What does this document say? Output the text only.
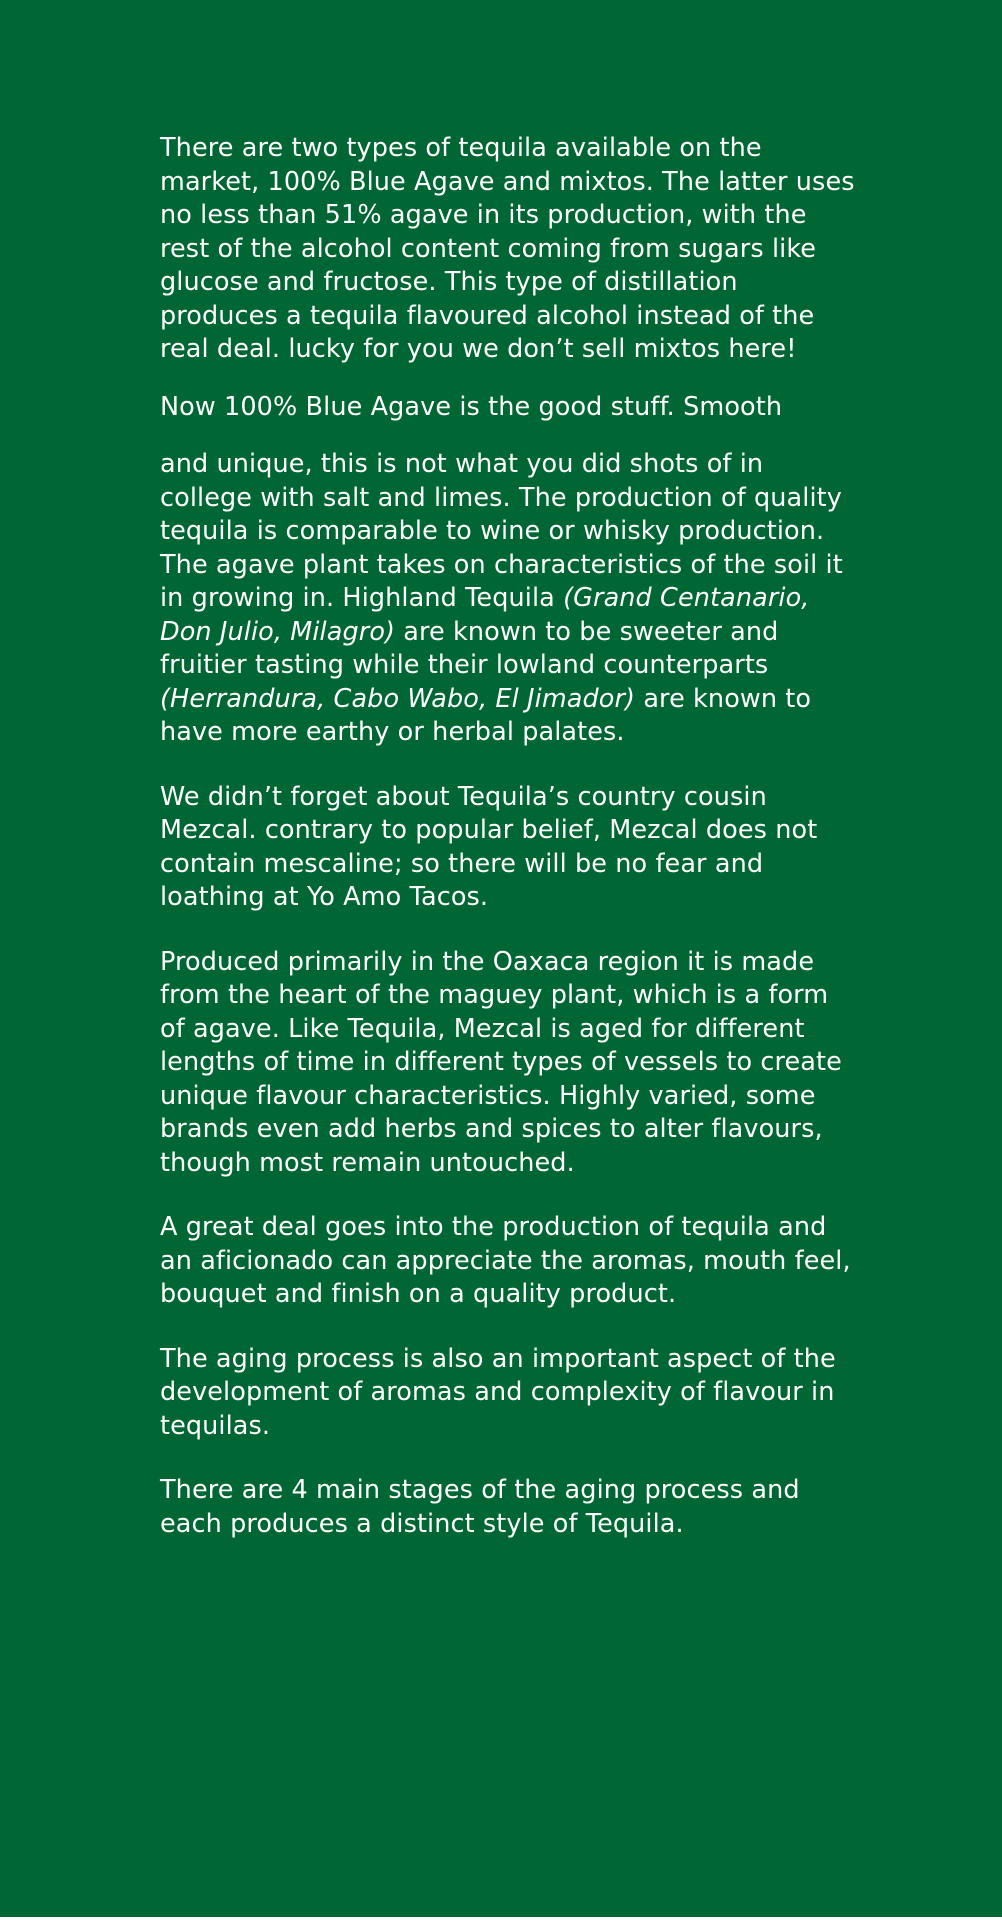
There are two types of tequila available on the market, 100% Blue Agave and mixtos. The latter uses no less than 51% agave in its production, with the rest of the alcohol content coming from sugars like glucose and fructose. This type of distillation produces a tequila flavoured alcohol instead of the real deal. lucky for you we don’t sell mixtos here!

Now 100% Blue Agave is the good stuff. Smooth

and unique, this is not what you did shots of in college with salt and limes. The production of quality tequila is comparable to wine or whisky production. The agave plant takes on characteristics of the soil it in growing in. Highland Tequila (Grand Centanario, Don Julio, Milagro) are known to be sweeter and fruitier tasting while their lowland counterparts (Herrandura, Cabo Wabo, El Jimador) are known to have more earthy or herbal palates.

We didn’t forget about Tequila’s country cousin Mezcal. contrary to popular belief, Mezcal does not contain mescaline; so there will be no fear and loathing at Yo Amo Tacos.

Produced primarily in the Oaxaca region it is made from the heart of the maguey plant, which is a form of agave. Like Tequila, Mezcal is aged for different lengths of time in different types of vessels to create unique flavour characteristics. Highly varied, some brands even add herbs and spices to alter flavours, though most remain untouched.

A great deal goes into the production of tequila and an aficionado can appreciate the aromas, mouth feel, bouquet and finish on a quality product.

The aging process is also an important aspect of the development of aromas and complexity of flavour in tequilas.

There are 4 main stages of the aging process and each produces a distinct style of Tequila.
